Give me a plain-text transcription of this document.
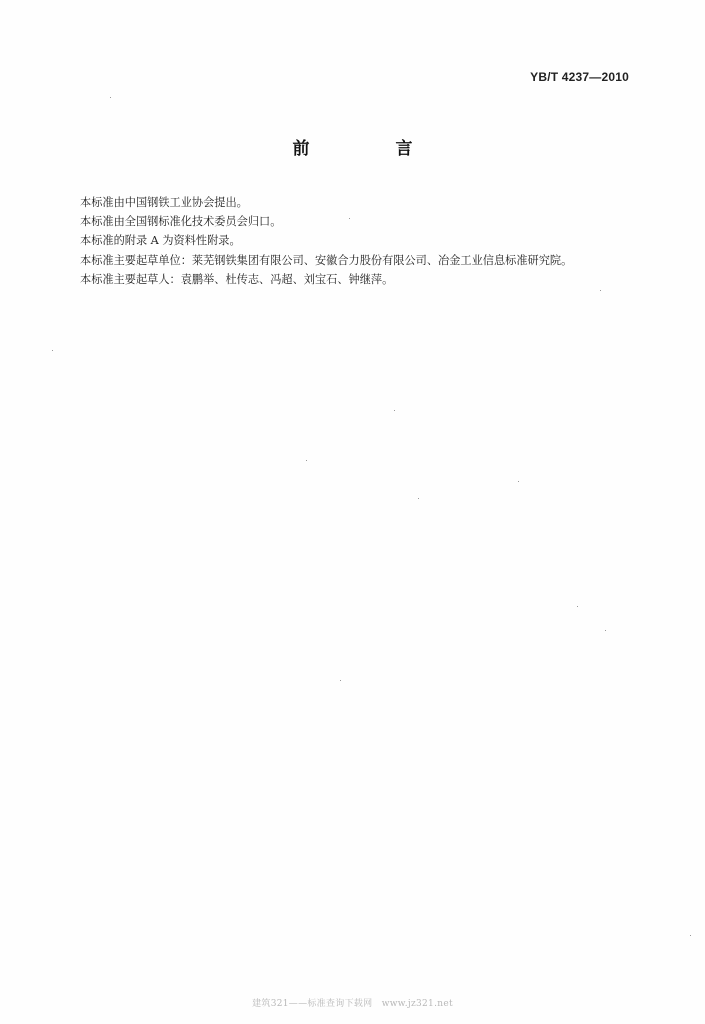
YB/T 4237—2010
前 言
本标准由中国钢铁工业协会提出。
本标准由全国钢标准化技术委员会归口。
本标准的附录 A 为资料性附录。
本标准主要起草单位：莱芜钢铁集团有限公司、安徽合力股份有限公司、冶金工业信息标准研究院。
本标准主要起草人：袁鹏举、杜传志、冯超、刘宝石、钟继萍。
建筑321——标准查询下载网　www.jz321.net
